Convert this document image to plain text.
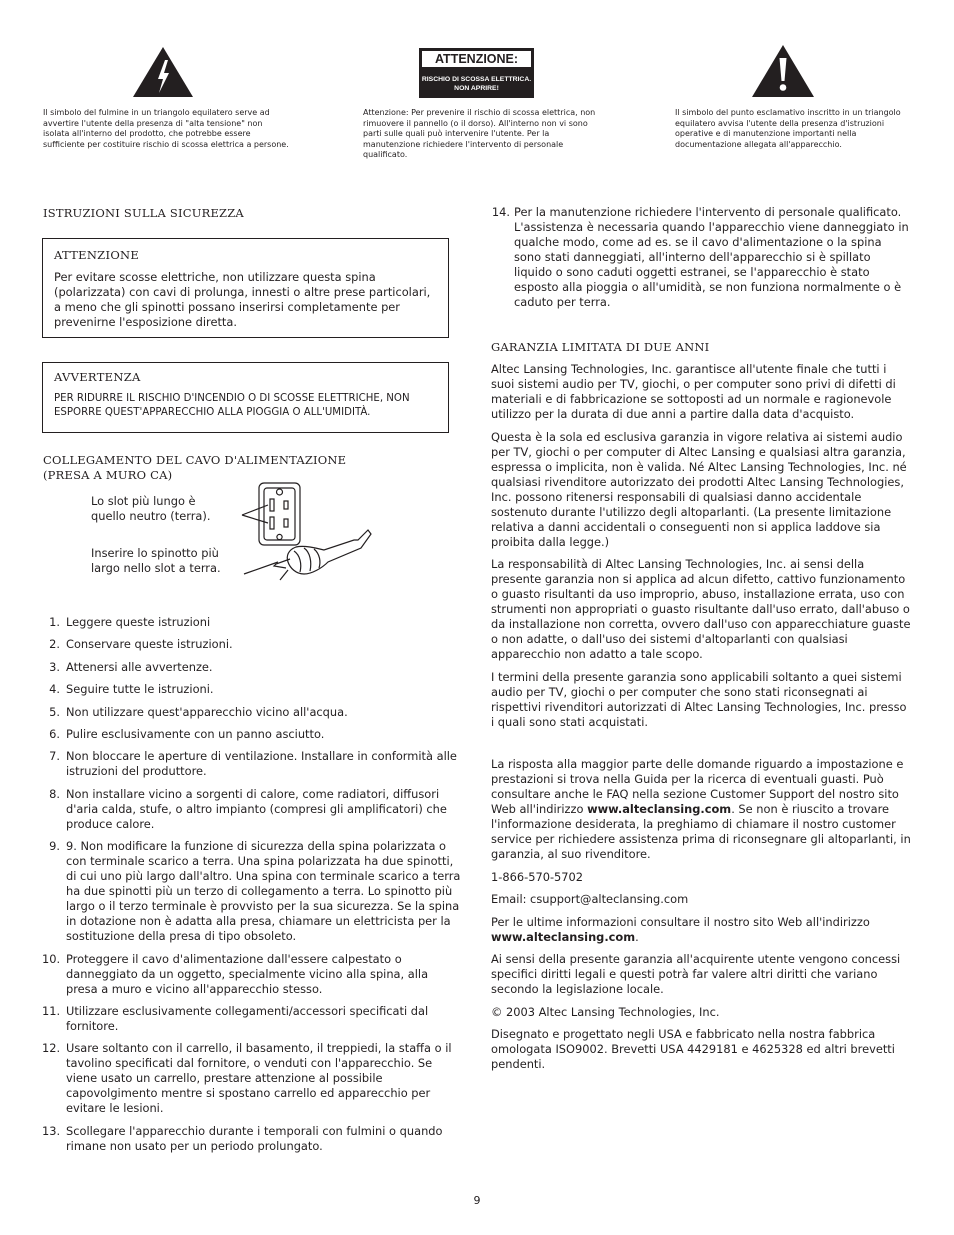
ATTENZIONE:
RISCHIO DI SCOSSA ELETTRICA.
NON APRIRE!
Il simbolo del fulmine in un triangolo equilatero serve ad avvertire l'utente della presenza di "alta tensione" non isolata all'interno del prodotto, che potrebbe essere sufficiente per costituire rischio di scossa elettrica a persone.
Attenzione: Per prevenire il rischio di scossa elettrica, non rimuovere il pannello (o il dorso). All'interno non vi sono parti sulle quali può intervenire l'utente. Per la manutenzione richiedere l'intervento di personale qualificato.
Il simbolo del punto esclamativo inscritto in un triangolo equilatero avvisa l'utente della presenza d'istruzioni operative e di manutenzione importanti nella documentazione allegata all'apparecchio.
ISTRUZIONI SULLA SICUREZZA
ATTENZIONE

Per evitare scosse elettriche, non utilizzare questa spina (polarizzata) con cavi di prolunga, innesti o altre prese particolari, a meno che gli spinotti possano inserirsi completamente per prevenirne l'esposizione diretta.

AVVERTENZA

PER RIDURRE IL RISCHIO D'INCENDIO O DI SCOSSE ELETTRICHE, NON ESPORRE QUEST'APPARECCHIO ALLA PIOGGIA O ALL'UMIDITÀ.

COLLEGAMENTO DEL CAVO D'ALIMENTAZIONE
(PRESA A MURO CA)
Lo slot più lungo è quello neutro (terra).
Inserire lo spinotto più largo nello slot a terra.
1. Leggere queste istruzioni
2. Conservare queste istruzioni.
3. Attenersi alle avvertenze.
4. Seguire tutte le istruzioni.
5. Non utilizzare quest'apparecchio vicino all'acqua.
6. Pulire esclusivamente con un panno asciutto.
7. Non bloccare le aperture di ventilazione. Installare in conformità alle istruzioni del produttore.
8. Non installare vicino a sorgenti di calore, come radiatori, diffusori d'aria calda, stufe, o altro impianto (compresi gli amplificatori) che produce calore.
9. 9. Non modificare la funzione di sicurezza della spina polarizzata o con terminale scarico a terra. Una spina polarizzata ha due spinotti, di cui uno più largo dall'altro. Una spina con terminale scarico a terra ha due spinotti più un terzo di collegamento a terra. Lo spinotto più largo o il terzo terminale è provvisto per la sua sicurezza. Se la spina in dotazione non è adatta alla presa, chiamare un elettricista per la sostituzione della presa di tipo obsoleto.
10. Proteggere il cavo d'alimentazione dall'essere calpestato o danneggiato da un oggetto, specialmente vicino alla spina, alla presa a muro e vicino all'apparecchio stesso.
11. Utilizzare esclusivamente collegamenti/accessori specificati dal fornitore.
12. Usare soltanto con il carrello, il basamento, il treppiedi, la staffa o il tavolino specificati dal fornitore, o venduti con l'apparecchio. Se viene usato un carrello, prestare attenzione al possibile capovolgimento mentre si spostano carrello ed apparecchio per evitare le lesioni.
13. Scollegare l'apparecchio durante i temporali con fulmini o quando rimane non usato per un periodo prolungato.
14. Per la manutenzione richiedere l'intervento di personale qualificato. L'assistenza è necessaria quando l'apparecchio viene danneggiato in qualche modo, come ad es. se il cavo d'alimentazione o la spina sono stati danneggiati, all'interno dell'apparecchio si è spillato liquido o sono caduti oggetti estranei, se l'apparecchio è stato esposto alla pioggia o all'umidità, se non funziona normalmente o è caduto per terra.
GARANZIA LIMITATA DI DUE ANNI

Altec Lansing Technologies, Inc. garantisce all'utente finale che tutti i suoi sistemi audio per TV, giochi, o per computer sono privi di difetti di materiali e di fabbricazione se sottoposti ad un normale e ragionevole utilizzo per la durata di due anni a partire dalla data d'acquisto.

Questa è la sola ed esclusiva garanzia in vigore relativa ai sistemi audio per TV, giochi o per computer di Altec Lansing e qualsiasi altra garanzia, espressa o implicita, non è valida. Né Altec Lansing Technologies, Inc. né qualsiasi rivenditore autorizzato dei prodotti Altec Lansing Technologies, Inc. possono ritenersi responsabili di qualsiasi danno accidentale sostenuto durante l'utilizzo degli altoparlanti. (La presente limitazione relativa a danni accidentali o conseguenti non si applica laddove sia proibita dalla legge.)

La responsabilità di Altec Lansing Technologies, Inc. ai sensi della presente garanzia non si applica ad alcun difetto, cattivo funzionamento o guasto risultanti da uso improprio, abuso, installazione errata, uso con strumenti non appropriati o guasto risultante dall'uso errato, dall'abuso o da installazione non corretta, ovvero dall'uso con apparecchiature guaste o non adatte, o dall'uso dei sistemi d'altoparlanti con qualsiasi apparecchio non adatto a tale scopo.

I termini della presente garanzia sono applicabili soltanto a quei sistemi audio per TV, giochi o per computer che sono stati riconsegnati ai rispettivi rivenditori autorizzati di Altec Lansing Technologies, Inc. presso i quali sono stati acquistati.

La risposta alla maggior parte delle domande riguardo a impostazione e prestazioni si trova nella Guida per la ricerca di eventuali guasti. Può consultare anche le FAQ nella sezione Customer Support del nostro sito Web all'indirizzo www.alteclansing.com. Se non è riuscito a trovare l'informazione desiderata, la preghiamo di chiamare il nostro customer service per richiedere assistenza prima di riconsegnare gli altoparlanti, in garanzia, al suo rivenditore.

1-866-570-5702

Email: csupport@alteclansing.com

Per le ultime informazioni consultare il nostro sito Web all'indirizzo www.alteclansing.com.

Ai sensi della presente garanzia all'acquirente utente vengono concessi specifici diritti legali e questi potrà far valere altri diritti che variano secondo la legislazione locale.

© 2003 Altec Lansing Technologies, Inc.

Disegnato e progettato negli USA e fabbricato nella nostra fabbrica omologata ISO9002. Brevetti USA 4429181 e 4625328 ed altri brevetti pendenti.

9
